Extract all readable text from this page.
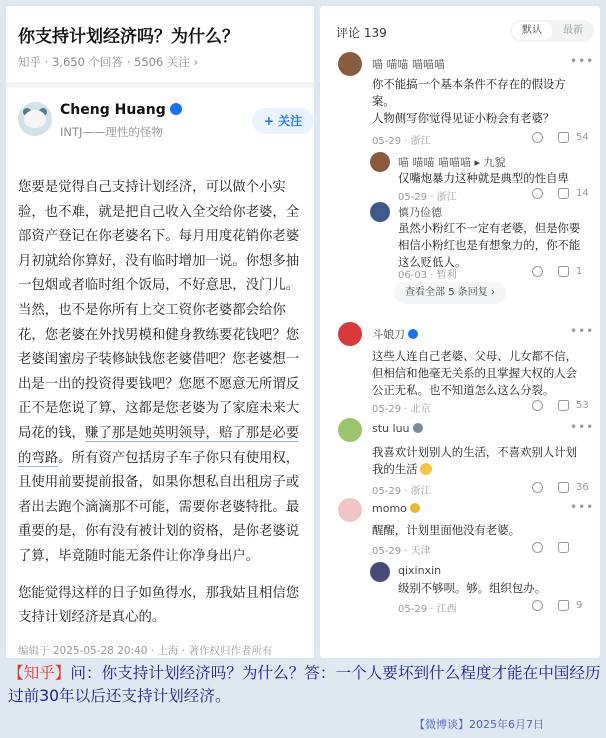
你支持计划经济吗？为什么？
知乎 · 3,650 个回答 · 5506 关注 ›
Cheng Huang
INTJ——理性的怪物
+ 关注

您要是觉得自己支持计划经济，可以做个小实验，也不难，就是把自己收入全交给你老婆，全部资产登记在你老婆名下。每月用度花销你老婆月初就给你算好，没有临时增加一说。你想多抽一包烟或者临时组个饭局，不好意思，没门儿。当然，也不是你所有上交工资你老婆都会给你花，您老婆在外找男模和健身教练要花钱吧？您老婆闺蜜房子装修缺钱您老婆借吧？您老婆想一出是一出的投资得要钱吧？您愿不愿意无所谓反正不是您说了算，这都是您老婆为了家庭未来大局花的钱，赚了那是她英明领导，赔了那是必要的弯路。所有资产包括房子车子你只有使用权，且使用前要提前报备，如果你想私自出租房子或者出去跑个滴滴那不可能，需要你老婆特批。最重要的是，你有没有被计划的资格，是你老婆说了算，毕竟随时能无条件让你净身出户。

您能觉得这样的日子如鱼得水，那我姑且相信您支持计划经济是真心的。

编辑于 2025-05-28 20:40 · 上海 · 著作权归作者所有
评论 139	默认	最新
喵 喵喵 喵喵喵	•••
你不能搞一个基本条件不存在的假设方案。
人物侧写你觉得见证小粉会有老婆？
05-29 · 浙江	54
喵 喵喵 喵喵喵 ▸ 九貌
仅嘴炮暴力这种就是典型的性自卑
05-29 · 浙江	14
慎乃俭德
虽然小粉红不一定有老婆，但是你要相信小粉红也是有想象力的，你不能这么贬低人。
06-03 · 暂利	1
查看全部 5 条回复 ›
斗娘刀	•••
这些人连自己老婆、父母、儿女都不信，但相信和他毫无关系的且掌握大权的人会公正无私。也不知道怎么这么分裂。
05-29 · 北京	53
stu luu	•••
我喜欢计划别人的生活，不喜欢别人计划我的生活
05-29 · 浙江	36
momo	•••
醒醒，计划里面他没有老婆。
05-29 · 天津
qixinxin
级别不够呗。够。组织包办。
05-29 · 江西	9
【知乎】问：你支持计划经济吗？为什么？答：一个人要坏到什么程度才能在中国经历过前30年以后还支持计划经济。
【微博谈】2025年6月7日
